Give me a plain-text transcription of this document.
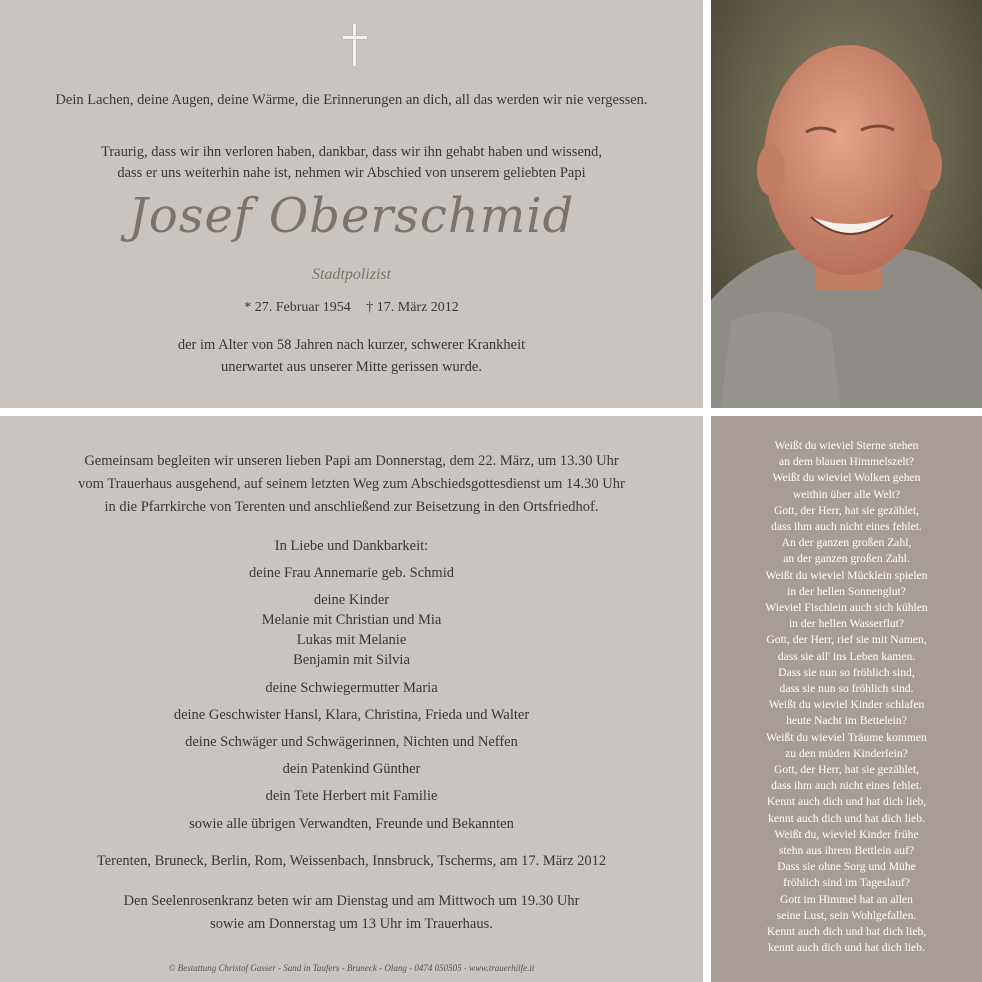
Dein Lachen, deine Augen, deine Wärme, die Erinnerungen an dich, all das werden wir nie vergessen.
Traurig, dass wir ihn verloren haben, dankbar, dass wir ihn gehabt haben und wissend,
dass er uns weiterhin nahe ist, nehmen wir Abschied von unserem geliebten Papi
Josef Oberschmid
Stadtpolizist
* 27. Februar 1954 † 17. März 2012
der im Alter von 58 Jahren nach kurzer, schwerer Krankheit
unerwartet aus unserer Mitte gerissen wurde.
Gemeinsam begleiten wir unseren lieben Papi am Donnerstag, dem 22. März, um 13.30 Uhr
vom Trauerhaus ausgehend, auf seinem letzten Weg zum Abschiedsgottesdienst um 14.30 Uhr
in die Pfarrkirche von Terenten und anschließend zur Beisetzung in den Ortsfriedhof.
In Liebe und Dankbarkeit:
deine Frau Annemarie geb. Schmid
deine Kinder
Melanie mit Christian und Mia
Lukas mit Melanie
Benjamin mit Silvia
deine Schwiegermutter Maria
deine Geschwister Hansl, Klara, Christina, Frieda und Walter
deine Schwäger und Schwägerinnen, Nichten und Neffen
dein Patenkind Günther
dein Tete Herbert mit Familie
sowie alle übrigen Verwandten, Freunde und Bekannten
Terenten, Bruneck, Berlin, Rom, Weissenbach, Innsbruck, Tscherms, am 17. März 2012
Den Seelenrosenkranz beten wir am Dienstag und am Mittwoch um 19.30 Uhr
sowie am Donnerstag um 13 Uhr im Trauerhaus.
© Bestattung Christof Gasser - Sand in Taufers - Bruneck - Olang - 0474 050505 - www.trauerhilfe.it
Weißt du wieviel Sterne stehen
an dem blauen Himmelszelt?
Weißt du wieviel Wolken gehen
weithin über alle Welt?
Gott, der Herr, hat sie gezählet,
dass ihm auch nicht eines fehlet.
An der ganzen großen Zahl,
an der ganzen großen Zahl.
Weißt du wieviel Mücklein spielen
in der hellen Sonnenglut?
Wieviel Fischlein auch sich kühlen
in der hellen Wasserflut?
Gott, der Herr, rief sie mit Namen,
dass sie all' ins Leben kamen.
Dass sie nun so fröhlich sind,
dass sie nun so fröhlich sind.
Weißt du wieviel Kinder schlafen
heute Nacht im Bettelein?
Weißt du wieviel Träume kommen
zu den müden Kinderlein?
Gott, der Herr, hat sie gezählet,
dass ihm auch nicht eines fehlet.
Kennt auch dich und hat dich lieb,
kennt auch dich und hat dich lieb.
Weißt du, wieviel Kinder frühe
stehn aus ihrem Bettlein auf?
Dass sie ohne Sorg und Mühe
fröhlich sind im Tageslauf?
Gott im Himmel hat an allen
seine Lust, sein Wohlgefallen.
Kennt auch dich und hat dich lieb,
kennt auch dich und hat dich lieb.
